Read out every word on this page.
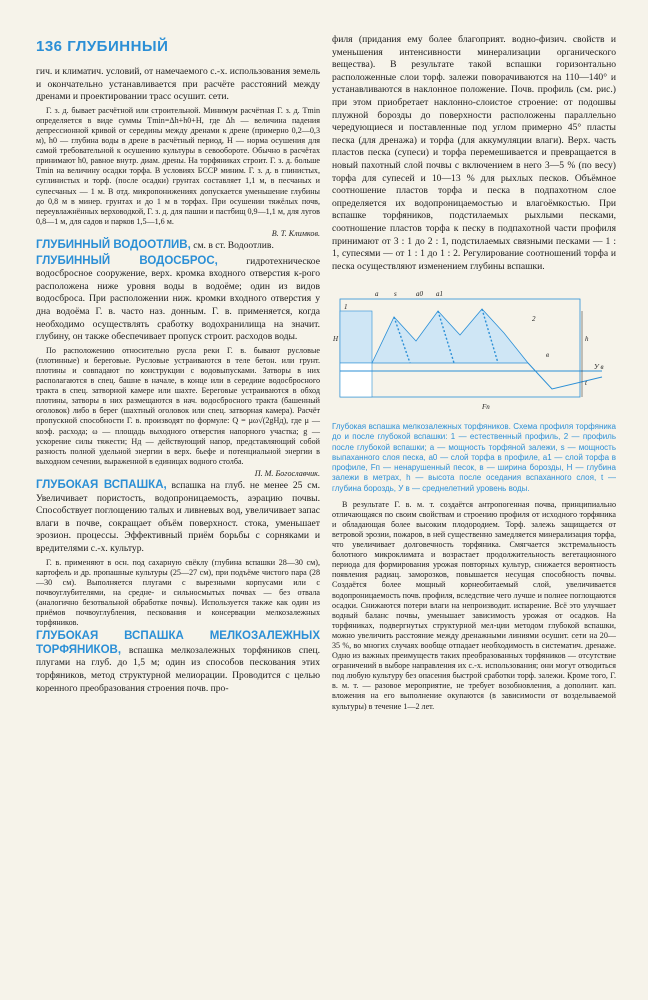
136 ГЛУБИННЫЙ

гич. и климатич. условий, от намечаемого с.-х. использования земель и окончательно устанавливается при расчёте расстояний между дренами и проектировании трасс осушит. сети.

Г. з. д. бывает расчётной или строительной. Минимум расчётная Г. з. д. Tmin определяется в виде суммы Tmin=Δh+h0+H, где Δh — величина падения депрессионной кривой от середины между дренами к дрене (примерно 0,2—0,3 м), h0 — глубина воды в дрене в расчётный период, H — норма осушения для самой требовательной к осушению культуры в севообороте. Обычно в расчётах принимают h0, равное внутр. диам. дрены. На торфяниках строит. Г. з. д. больше Tmin на величину осадки торфа. В условиях БССР миним. Г. з. д. в глинистых, суглинистых и торф. (после осадки) грунтах составляет 1,1 м, в песчаных и супесчаных — 1 м. В отд. микропонижениях допускается уменьшение глубины до 0,8 м в минер. грунтах и до 1 м в торфах. При осушении тяжёлых почв, переувлажнённых верховодкой, Г. з. д. для пашни и пастбищ 0,9—1,1 м, для лугов 0,8—1 м, для садов и парков 1,5—1,6 м.

В. Т. Климков.

ГЛУБИННЫЙ ВОДООТЛИВ, см. в ст. Водоотлив.

ГЛУБИННЫЙ ВОДОСБРОС, гидротехническое водосбросное сооружение, верх. кромка входного отверстия к-рого расположена ниже уровня воды в водоёме; один из видов водосброса. При расположении ниж. кромки входного отверстия у дна водоёма Г. в. часто наз. донным. Г. в. применяется, когда необходимо осуществлять сработку водохранилища на значит. глубину, он также обеспечивает пропуск строит. расходов воды.

По расположению относительно русла реки Г. в. бывают русловые (плотинные) и береговые. Русловые устраиваются в теле бетон. или грунт. плотины и совпадают по конструкции с водовыпусками. Затворы в них располагаются в спец. башне в начале, в конце или в середине водосбросного тракта в спец. затворной камере или шахте. Береговые устраиваются в обход плотины, затворы в них размещаются в нач. водосбросного тракта (башенный оголовок) либо в берег (шахтный оголовок или спец. затворная камера). Расчёт пропускной способности Г. в. производят по формуле: Q = μω√(2gHд), где μ — коэф. расхода; ω — площадь выходного отверстия напорного участка; g — ускорение силы тяжести; Hд — действующий напор, представляющий собой разность полной удельной энергии в верх. бьефе и потенциальной энергии в выходном сечении, выраженной в единицах водного столба.

П. М. Богославчик.

ГЛУБОКАЯ ВСПАШКА, вспашка на глуб. не менее 25 см. Увеличивает пористость, водопроницаемость, аэрацию почвы. Способствует поглощению талых и ливневых вод, увеличивает запас влаги в почве, сокращает объём поверхност. стока, уменьшает эрозион. процессы. Эффективный приём борьбы с сорняками и вредителями с.-х. культур.

Г. в. применяют в осн. под сахарную свёклу (глубина вспашки 28—30 см), картофель и др. пропашные культуры (25—27 см), при подъёме чистого пара (28—30 см). Выполняется плугами с вырезными корпусами или с почвоуглубителями, на средне- и сильносмытых почвах — без отвала (аналогично безотвальной обработке почвы). Используется также как один из приёмов почвоуглубления, пескования и консервации мелкозалежных торфяников.

ГЛУБОКАЯ ВСПАШКА МЕЛКОЗАЛЕЖНЫХ ТОРФЯНИКОВ, вспашка мелкозалежных торфяников спец. плугами на глуб. до 1,5 м; один из способов пескования этих торфяников, метод структурной мелиорации. Проводится с целью коренного преобразования строения почв. про-

филя (придания ему более благоприят. водно-физич. свойств и уменьшения интенсивности минерализации органического вещества). В результате такой вспашки горизонтально расположенные слои торф. залежи поворачиваются на 110—140° и устанавливаются в наклонное положение. Почв. профиль (см. рис.) при этом приобретает наклонно-слоистое строение: от подошвы плужной борозды до поверхности расположены параллельно чередующиеся и поставленные под углом примерно 45° пласты песка (для дренажа) и торфа (для аккумуляции влаги). Верх. часть пластов песка (супеси) и торфа перемешивается и превращается в новый пахотный слой почвы с включением в него 3—5 % (по весу) торфа для супесей и 10—13 % для рыхлых песков. Объёмное соотношение пластов торфа и песка в подпахотном слое определяется их водопроницаемостью и влагоёмкостью. При вспашке торфяников, подстилаемых рыхлыми песками, соотношение пластов торфа к песку в подпахотной части профиля принимают от 3 : 1 до 2 : 1, подстилаемых связными песками — 1 : 1, супесями — от 1 : 1 до 1 : 2. Регулирование соотношений торфа и песка осуществляют изменением глубины вспашки.

a s	a0 a1
1
2
в
H	h
t
Fп
У в
Глубокая вспашка мелкозалежных торфяников. Схема профиля торфяника до и после глубокой вспашки: 1 — естественный профиль, 2 — профиль после глубокой вспашки; a — мощность торфяной залежи, s — мощность выпаханного слоя песка, a0 — слой торфа в профиле, a1 — слой торфа в профиле, Fп — ненарушенный песок, в — ширина борозды, H — глубина залежи в метрах, h — высота после оседания вспаханного слоя, t — глубина бороздь, У в — среднелетний уровень воды.

В результате Г. в. м. т. создаётся антропогенная почва, принципиально отличающаяся по своим свойствам и строению профиля от исходного торфяника и обладающая более высоким плодородием. Торф. залежь защищается от ветровой эрозии, пожаров, в ней существенно замедляется минерализация торфа, что увеличивает долговечность торфяника. Смягчается экстремальность болотного микроклимата и возрастает продолжительность вегетационного периода для формирования урожая повторных культур, снижается вероятность появления радиац. заморозков, повышается несущая способность почвы. Создаётся более мощный корнеобитаемый слой, увеличивается водопроницаемость почв. профиля, вследствие чего лучше и полнее поглощаются осадки. Снижаются потери влаги на непроизводит. испарение. Всё это улучшает водный баланс почвы, уменьшает зависимость урожая от осадков. На торфяниках, подвергнутых структурной мел-ции методом глубокой вспашки, можно увеличить расстояние между дренажными линиями осушит. сети на 20—35 %, во многих случаях вообще отпадает необходимость в систематич. дренаже. Одно из важных преимуществ таких преобразованных торфяников — отсутствие ограничений в выборе направления их с.-х. использования; они могут отводиться под любую культуру без опасения быстрой сработки торф. залежи. Кроме того, Г. в. м. т. — разовое мероприятие, не требует возобновления, а дополнит. кап. вложения на его выполнение окупаются (в зависимости от возделываемой культуры) в течение 1—2 лет.
